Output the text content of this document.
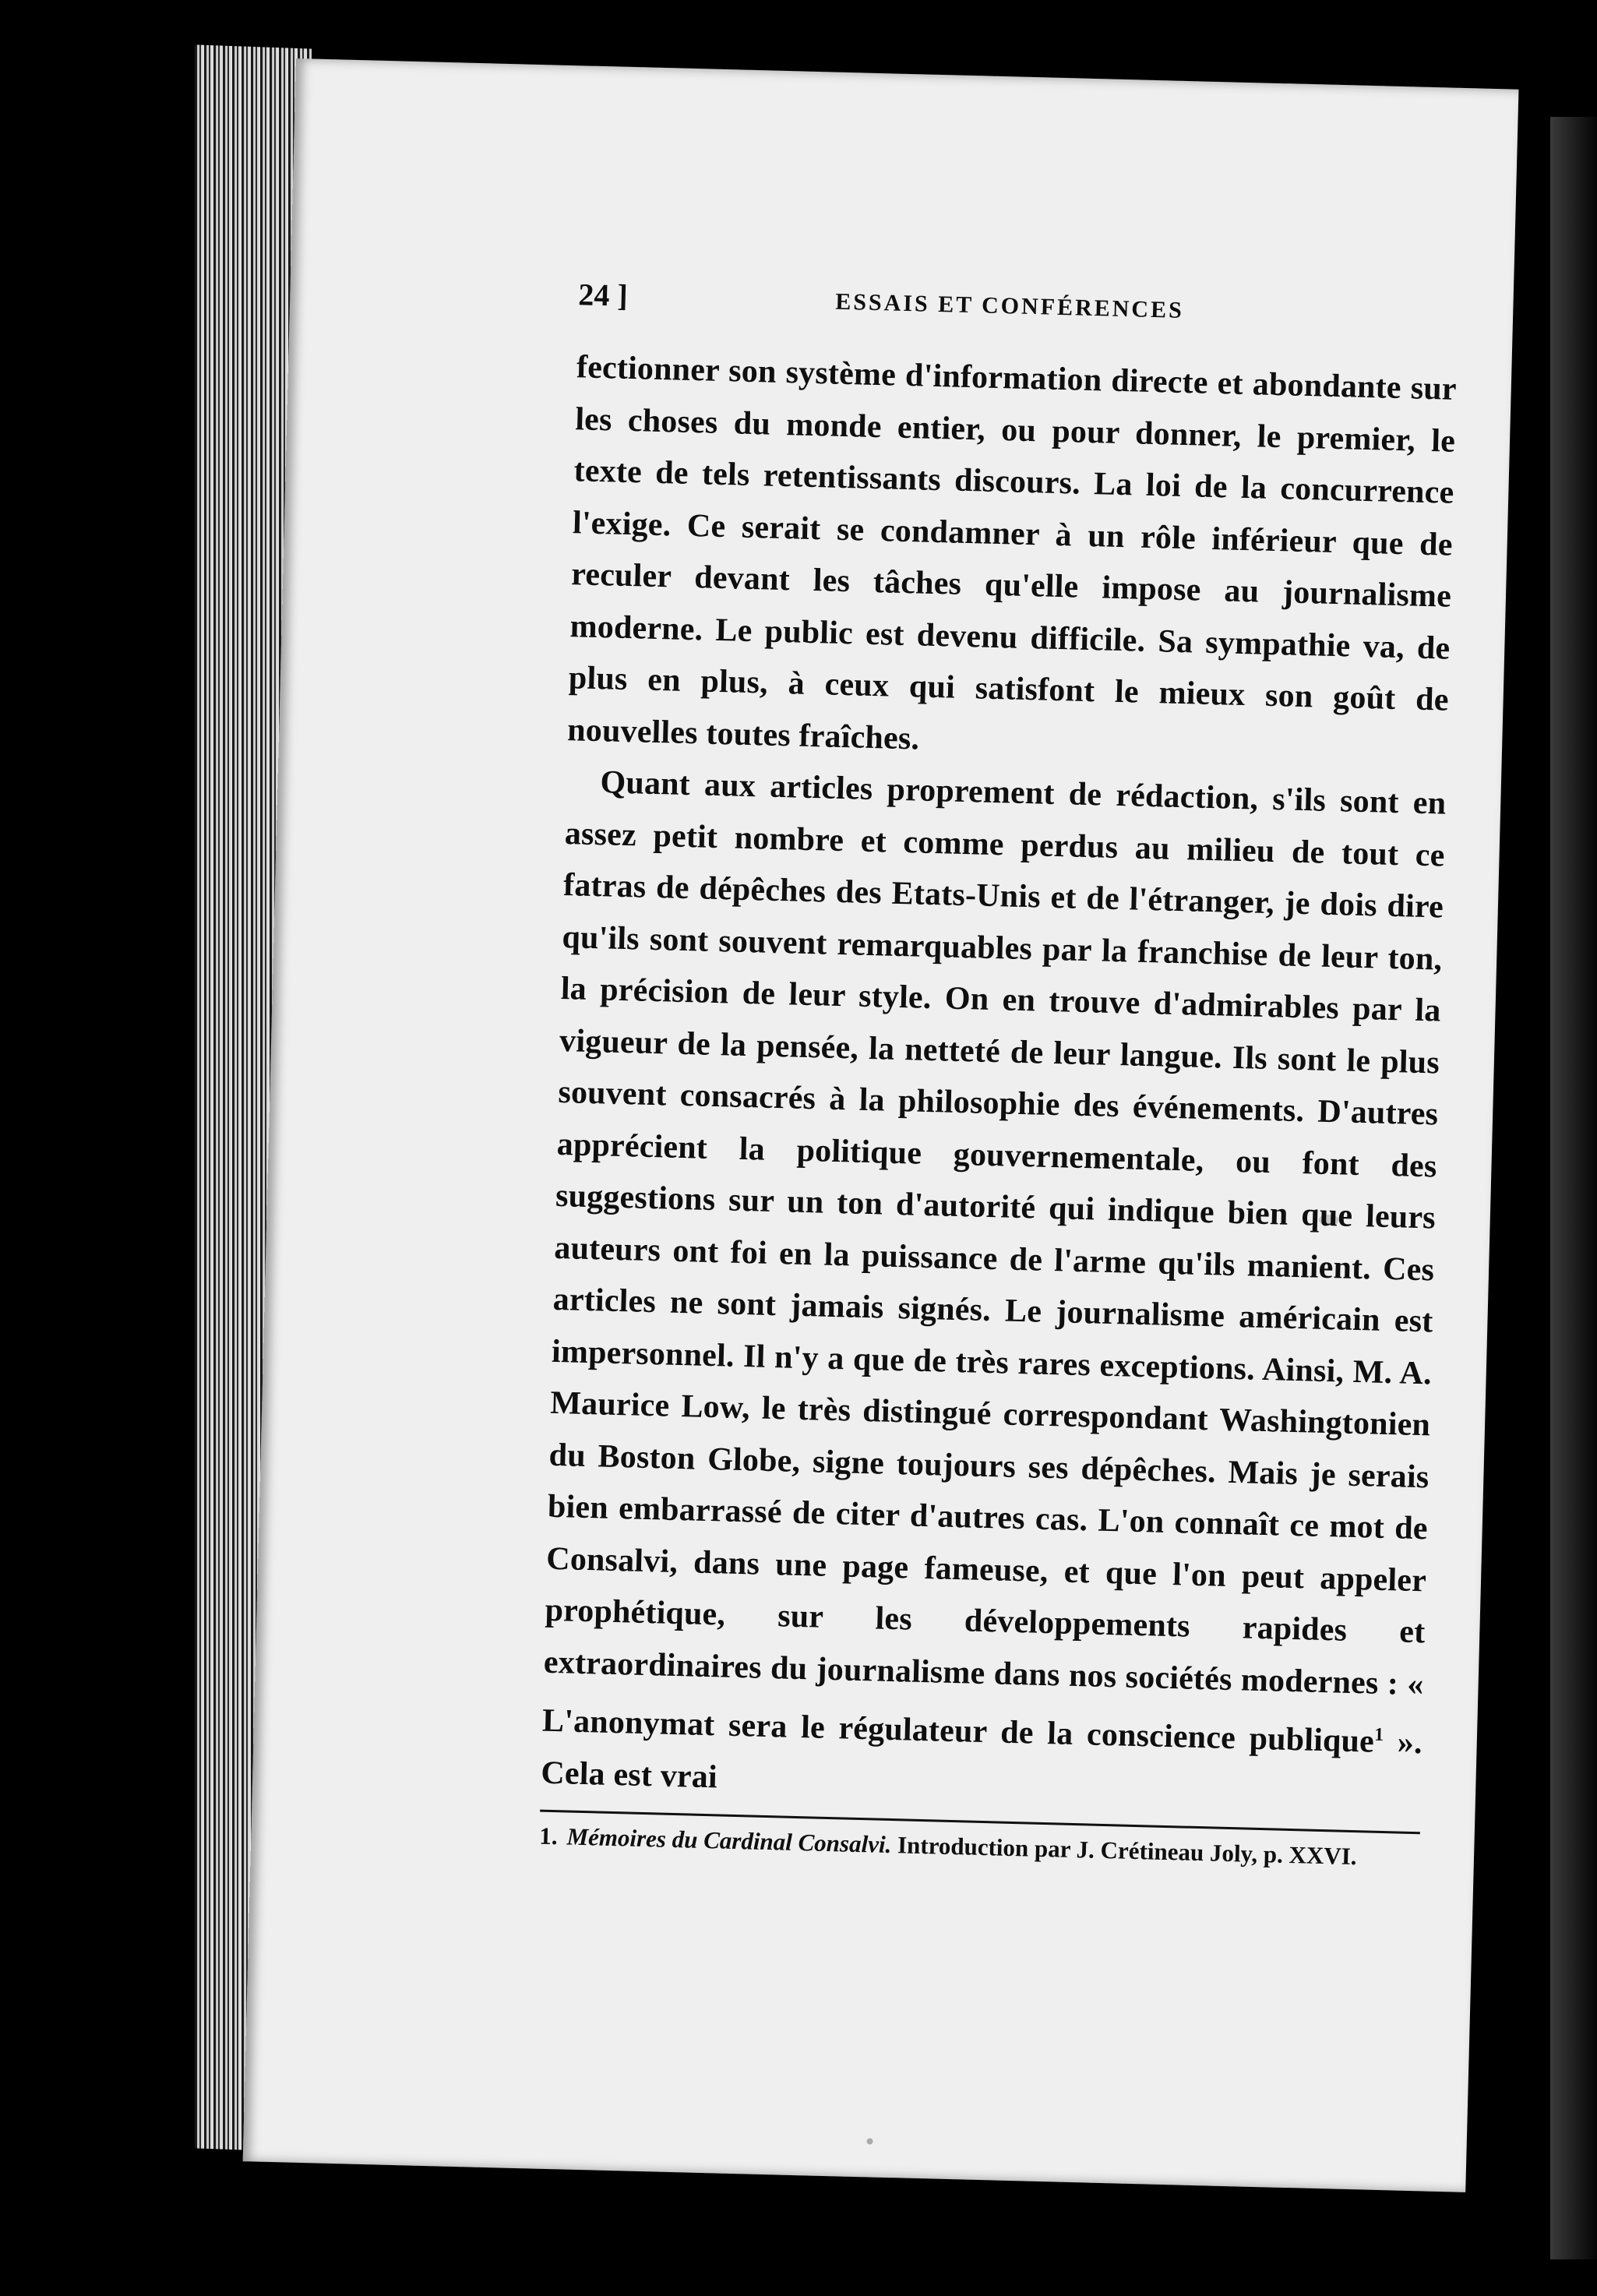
24 ]	ESSAIS ET CONFÉRENCES

fectionner son système d'information directe et abondante sur les choses du monde entier, ou pour donner, le premier, le texte de tels retentissants discours. La loi de la concurrence l'exige. Ce serait se condamner à un rôle inférieur que de reculer devant les tâches qu'elle impose au journalisme moderne. Le public est devenu difficile. Sa sympathie va, de plus en plus, à ceux qui satisfont le mieux son goût de nouvelles toutes fraîches.

Quant aux articles proprement de rédaction, s'ils sont en assez petit nombre et comme perdus au milieu de tout ce fatras de dépêches des Etats-Unis et de l'étranger, je dois dire qu'ils sont souvent remarquables par la franchise de leur ton, la précision de leur style. On en trouve d'admirables par la vigueur de la pensée, la netteté de leur langue. Ils sont le plus souvent consacrés à la philosophie des événements. D'autres apprécient la politique gouvernementale, ou font des suggestions sur un ton d'autorité qui indique bien que leurs auteurs ont foi en la puissance de l'arme qu'ils manient. Ces articles ne sont jamais signés. Le journalisme américain est impersonnel. Il n'y a que de très rares exceptions. Ainsi, M. A. Maurice Low, le très distingué correspondant Washingtonien du Boston Globe, signe toujours ses dépêches. Mais je serais bien embarrassé de citer d'autres cas. L'on connaît ce mot de Consalvi, dans une page fameuse, et que l'on peut appeler prophétique, sur les développements rapides et extraordinaires du journalisme dans nos sociétés modernes : « L'anonymat sera le régulateur de la conscience publique$^1$ ». Cela est vrai

1. Mémoires du Cardinal Consalvi. Introduction par J. Crétineau Joly, p. XXVI.
